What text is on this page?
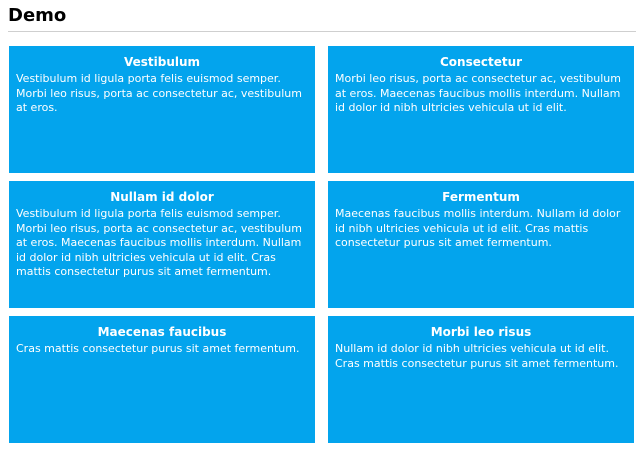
Demo
Vestibulum
Vestibulum id ligula porta felis euismod semper. Morbi leo risus, porta ac consectetur ac, vestibulum at eros.
Consectetur
Morbi leo risus, porta ac consectetur ac, vestibulum at eros. Maecenas faucibus mollis interdum. Nullam id dolor id nibh ultricies vehicula ut id elit.
Nullam id dolor
Vestibulum id ligula porta felis euismod semper. Morbi leo risus, porta ac consectetur ac, vestibulum at eros. Maecenas faucibus mollis interdum. Nullam id dolor id nibh ultricies vehicula ut id elit. Cras mattis consectetur purus sit amet fermentum.
Fermentum
Maecenas faucibus mollis interdum. Nullam id dolor id nibh ultricies vehicula ut id elit. Cras mattis consectetur purus sit amet fermentum.
Maecenas faucibus
Cras mattis consectetur purus sit amet fermentum.
Morbi leo risus
Nullam id dolor id nibh ultricies vehicula ut id elit. Cras mattis consectetur purus sit amet fermentum.
